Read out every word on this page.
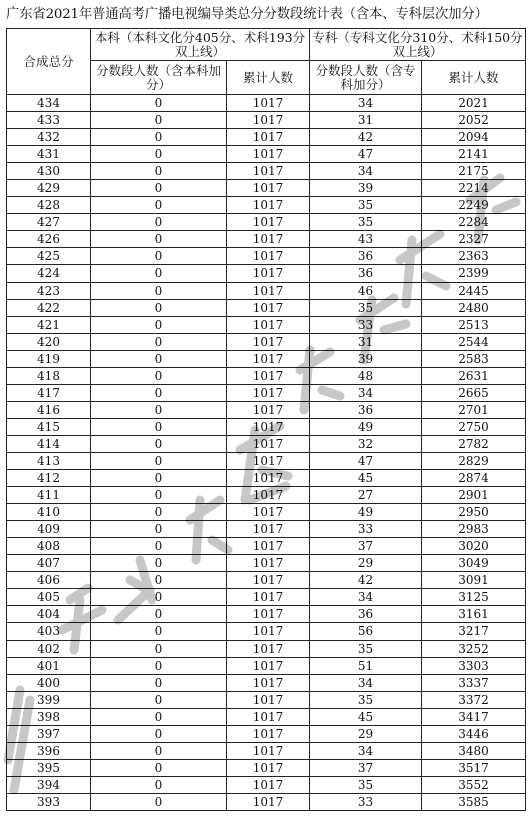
广东省2021年普通高考广播电视编导类总分分数段统计表（含本、专科层次加分）
合成总分	本科（本科文化分405分、术科193分双上线）		专科（专科文化分310分、术科150分双上线）	
	分数段人数（含本科加分）	累计人数	分数段人数（含专科加分）	累计人数
434	0	1017	34	2021
433	0	1017	31	2052
432	0	1017	42	2094
431	0	1017	47	2141
430	0	1017	34	2175
429	0	1017	39	2214
428	0	1017	35	2249
427	0	1017	35	2284
426	0	1017	43	2327
425	0	1017	36	2363
424	0	1017	36	2399
423	0	1017	46	2445
422	0	1017	35	2480
421	0	1017	33	2513
420	0	1017	31	2544
419	0	1017	39	2583
418	0	1017	48	2631
417	0	1017	34	2665
416	0	1017	36	2701
415	0	1017	49	2750
414	0	1017	32	2782
413	0	1017	47	2829
412	0	1017	45	2874
411	0	1017	27	2901
410	0	1017	49	2950
409	0	1017	33	2983
408	0	1017	37	3020
407	0	1017	29	3049
406	0	1017	42	3091
405	0	1017	34	3125
404	0	1017	36	3161
403	0	1017	56	3217
402	0	1017	35	3252
401	0	1017	51	3303
400	0	1017	34	3337
399	0	1017	35	3372
398	0	1017	45	3417
397	0	1017	29	3446
396	0	1017	34	3480
395	0	1017	37	3517
394	0	1017	35	3552
393	0	1017	33	3585
